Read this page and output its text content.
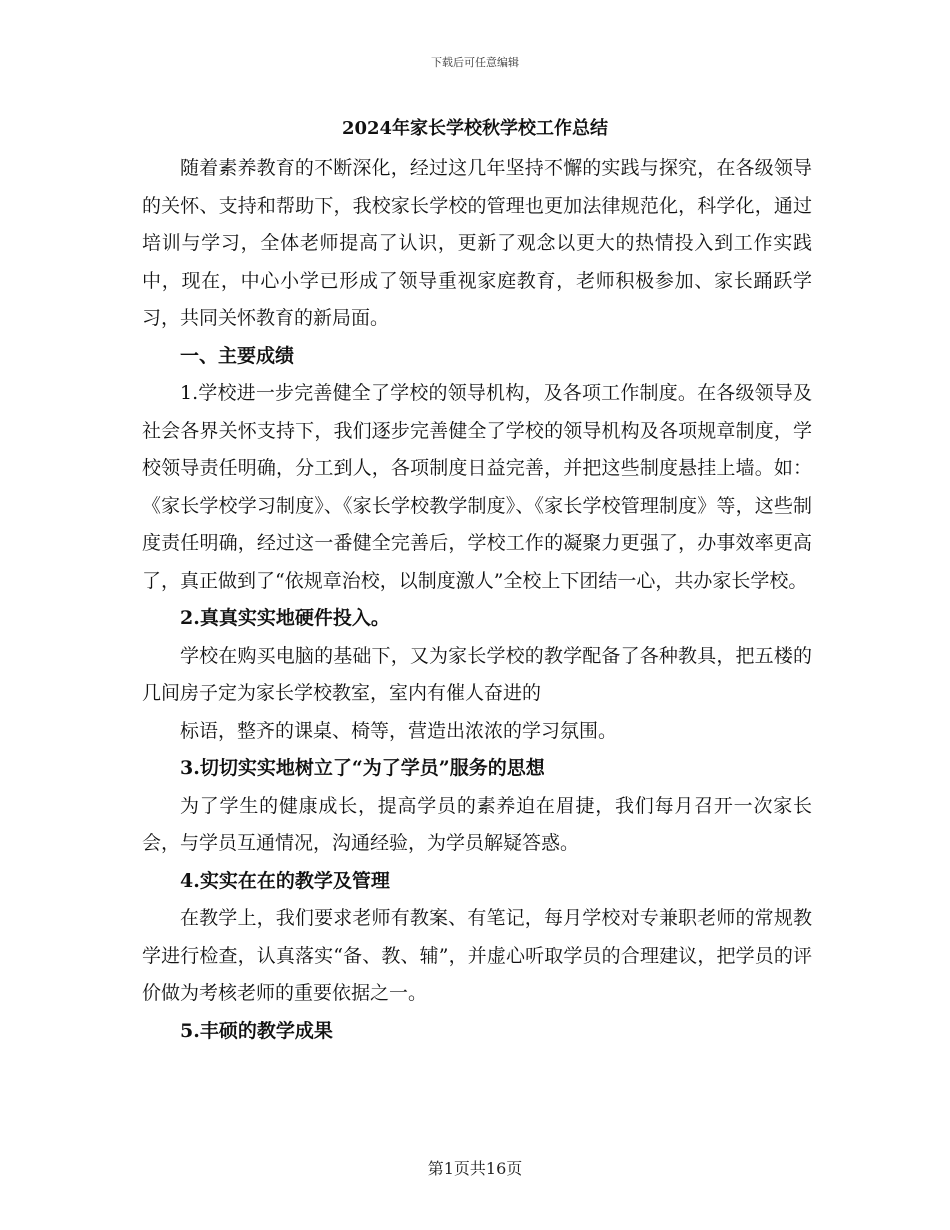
下载后可任意编辑
2024年家长学校秋学校工作总结

随着素养教育的不断深化，经过这几年坚持不懈的实践与探究，在各级领导的关怀、支持和帮助下，我校家长学校的管理也更加法律规范化，科学化，通过培训与学习，全体老师提高了认识，更新了观念以更大的热情投入到工作实践中，现在，中心小学已形成了领导重视家庭教育，老师积极参加、家长踊跃学习，共同关怀教育的新局面。

一、主要成绩

1.学校进一步完善健全了学校的领导机构，及各项工作制度。在各级领导及社会各界关怀支持下，我们逐步完善健全了学校的领导机构及各项规章制度，学校领导责任明确，分工到人，各项制度日益完善，并把这些制度悬挂上墙。如：《家长学校学习制度》、《家长学校教学制度》、《家长学校管理制度》等，这些制度责任明确，经过这一番健全完善后，学校工作的凝聚力更强了，办事效率更高了，真正做到了“依规章治校，以制度激人”全校上下团结一心，共办家长学校。

2.真真实实地硬件投入。

学校在购买电脑的基础下，又为家长学校的教学配备了各种教具，把五楼的几间房子定为家长学校教室，室内有催人奋进的

标语，整齐的课桌、椅等，营造出浓浓的学习氛围。

3.切切实实地树立了“为了学员”服务的思想

为了学生的健康成长，提高学员的素养迫在眉捷，我们每月召开一次家长会，与学员互通情况，沟通经验，为学员解疑答惑。

4.实实在在的教学及管理

在教学上，我们要求老师有教案、有笔记，每月学校对专兼职老师的常规教学进行检查，认真落实“备、教、辅”，并虚心听取学员的合理建议，把学员的评价做为考核老师的重要依据之一。

5.丰硕的教学成果

第1页共16页
